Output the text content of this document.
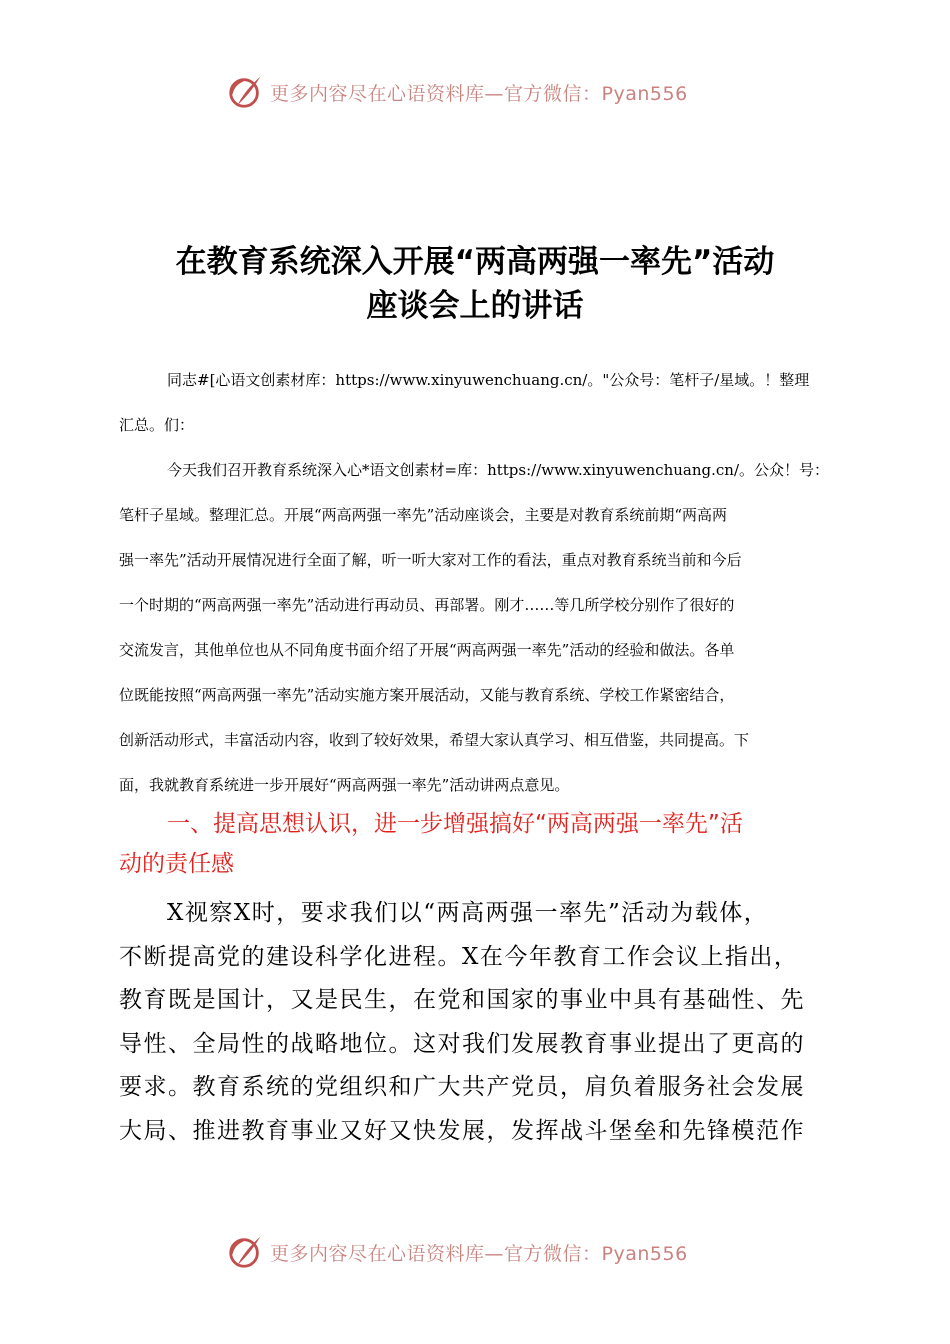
更多内容尽在心语资料库—官方微信：Pyan556
在教育系统深入开展“两高两强一率先”活动
座谈会上的讲话

同志#[心语文创素材库：https://www.xinyuwenchuang.cn/。"公众号：笔杆子/星域。！整理

汇总。们：

今天我们召开教育系统深入心*语文创素材=库：https://www.xinyuwenchuang.cn/。公众！号：

笔杆子星域。整理汇总。开展“两高两强一率先”活动座谈会，主要是对教育系统前期“两高两

强一率先”活动开展情况进行全面了解，听一听大家对工作的看法，重点对教育系统当前和今后

一个时期的“两高两强一率先”活动进行再动员、再部署。刚才……等几所学校分别作了很好的

交流发言，其他单位也从不同角度书面介绍了开展“两高两强一率先”活动的经验和做法。各单

位既能按照“两高两强一率先”活动实施方案开展活动，又能与教育系统、学校工作紧密结合，

创新活动形式，丰富活动内容，收到了较好效果，希望大家认真学习、相互借鉴，共同提高。下

面，我就教育系统进一步开展好“两高两强一率先”活动讲两点意见。

一、提高思想认识，进一步增强搞好“两高两强一率先”活

动的责任感

X视察X时，要求我们以“两高两强一率先”活动为载体，

不断提高党的建设科学化进程。X在今年教育工作会议上指出，

教育既是国计，又是民生，在党和国家的事业中具有基础性、先

导性、全局性的战略地位。这对我们发展教育事业提出了更高的

要求。教育系统的党组织和广大共产党员，肩负着服务社会发展

大局、推进教育事业又好又快发展，发挥战斗堡垒和先锋模范作

更多内容尽在心语资料库—官方微信：Pyan556
